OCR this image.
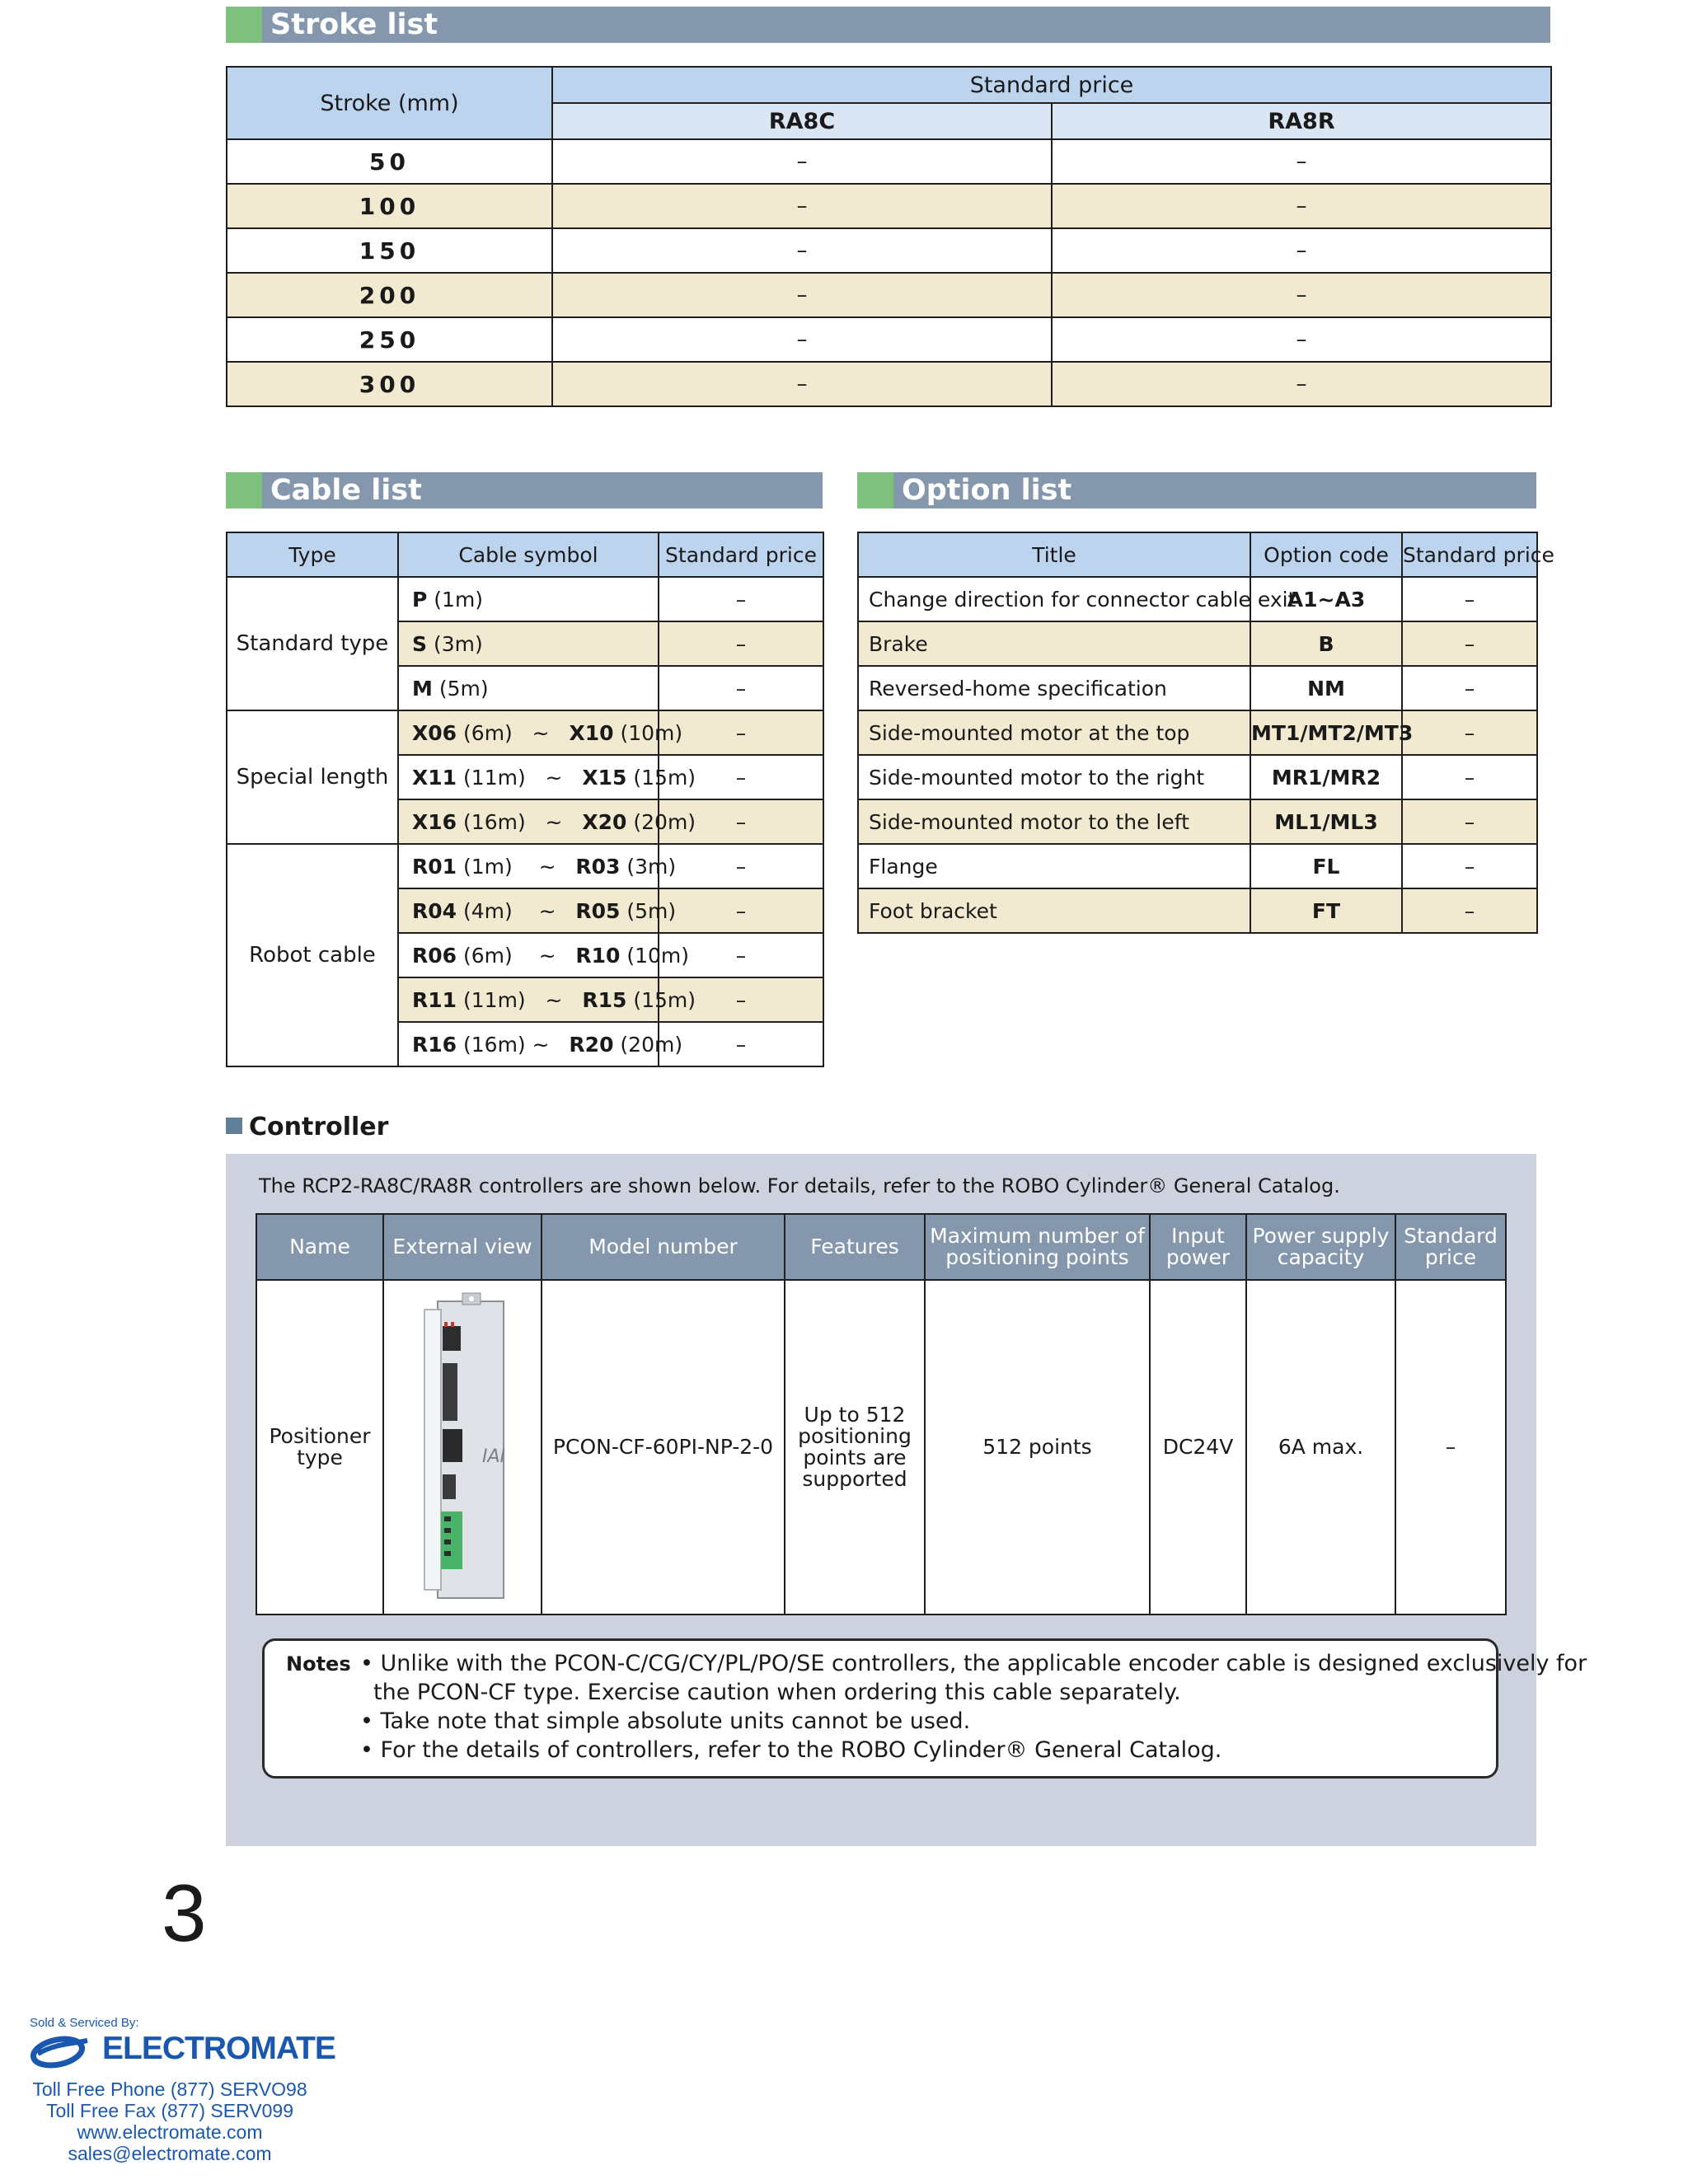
Stroke list
Stroke (mm)	Standard price	
	RA8C	RA8R
50	–	–
100	–	–
150	–	–
200	–	–
250	–	–
300	–	–
Cable list
Type	Cable symbol	Standard price
Standard type	P (1m)	–
	S (3m)	–
	M (5m)	–
Special length	X06 (6m) ~ X10 (10m)	–
	X11 (11m) ~ X15 (15m)	–
	X16 (16m) ~ X20 (20m)	–
Robot cable	R01 (1m) ~ R03 (3m)	–
	R04 (4m) ~ R05 (5m)	–
	R06 (6m) ~ R10 (10m)	–
	R11 (11m) ~ R15 (15m)	–
	R16 (16m) ~ R20 (20m)	–
Option list
Title	Option code	Standard price
Change direction for connector cable exit	A1~A3	–
Brake	B	–
Reversed-home specification	NM	–
Side-mounted motor at the top	MT1/MT2/MT3	–
Side-mounted motor to the right	MR1/MR2	–
Side-mounted motor to the left	ML1/ML3	–
Flange	FL	–
Foot bracket	FT	–
Controller
The RCP2-RA8C/RA8R controllers are shown below. For details, refer to the ROBO Cylinder® General Catalog.
Name	External view	Model number	Features	Maximum number of positioning points	Input power	Power supply capacity	Standard price
Positioner type	IAI	PCON-CF-60PI-NP-2-0	Up to 512 positioning points are supported	512 points	DC24V	6A max.	–
Notes • Unlike with the PCON-C/CG/CY/PL/PO/SE controllers, the applicable encoder cable is designed exclusively for
the PCON-CF type. Exercise caution when ordering this cable separately.
• Take note that simple absolute units cannot be used.
• For the details of controllers, refer to the ROBO Cylinder® General Catalog.
3
Sold & Serviced By:
ELECTROMATE
Toll Free Phone (877) SERVO98
Toll Free Fax (877) SERV099
www.electromate.com
sales@electromate.com
